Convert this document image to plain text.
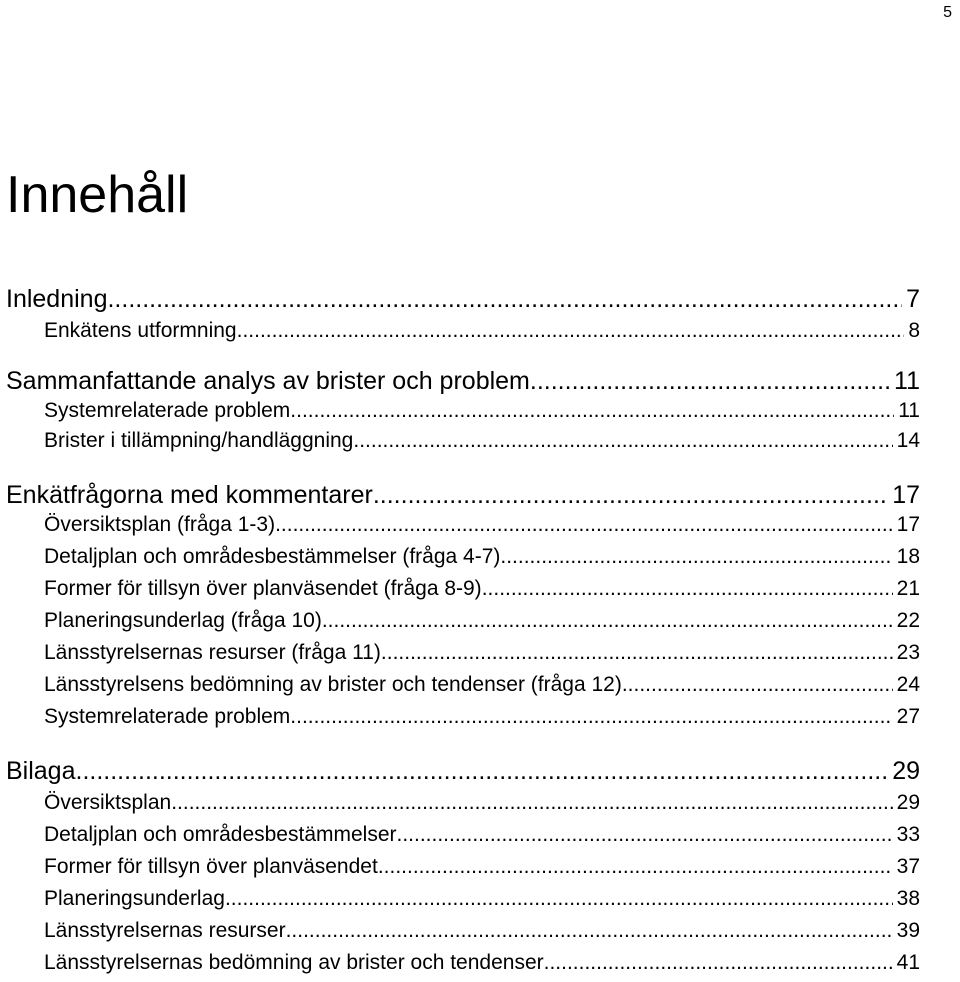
5
Innehåll
Inledning .....	7
Enkätens utformning .....	8
Sammanfattande analys av brister och problem .....	11
Systemrelaterade problem .....	11
Brister i tillämpning/handläggning .....	14
Enkätfrågorna med kommentarer .....	17
Översiktsplan (fråga 1-3) .....	17
Detaljplan och områdesbestämmelser (fråga 4-7) .....	18
Former för tillsyn över planväsendet (fråga 8-9) .....	21
Planeringsunderlag (fråga 10) .....	22
Länsstyrelsernas resurser (fråga 11) .....	23
Länsstyrelsens bedömning av brister och tendenser (fråga 12) .....	24
Systemrelaterade problem .....	27
Bilaga .....	29
Översiktsplan .....	29
Detaljplan och områdesbestämmelser .....	33
Former för tillsyn över planväsendet .....	37
Planeringsunderlag .....	38
Länsstyrelsernas resurser .....	39
Länsstyrelsernas bedömning av brister och tendenser .....	41
